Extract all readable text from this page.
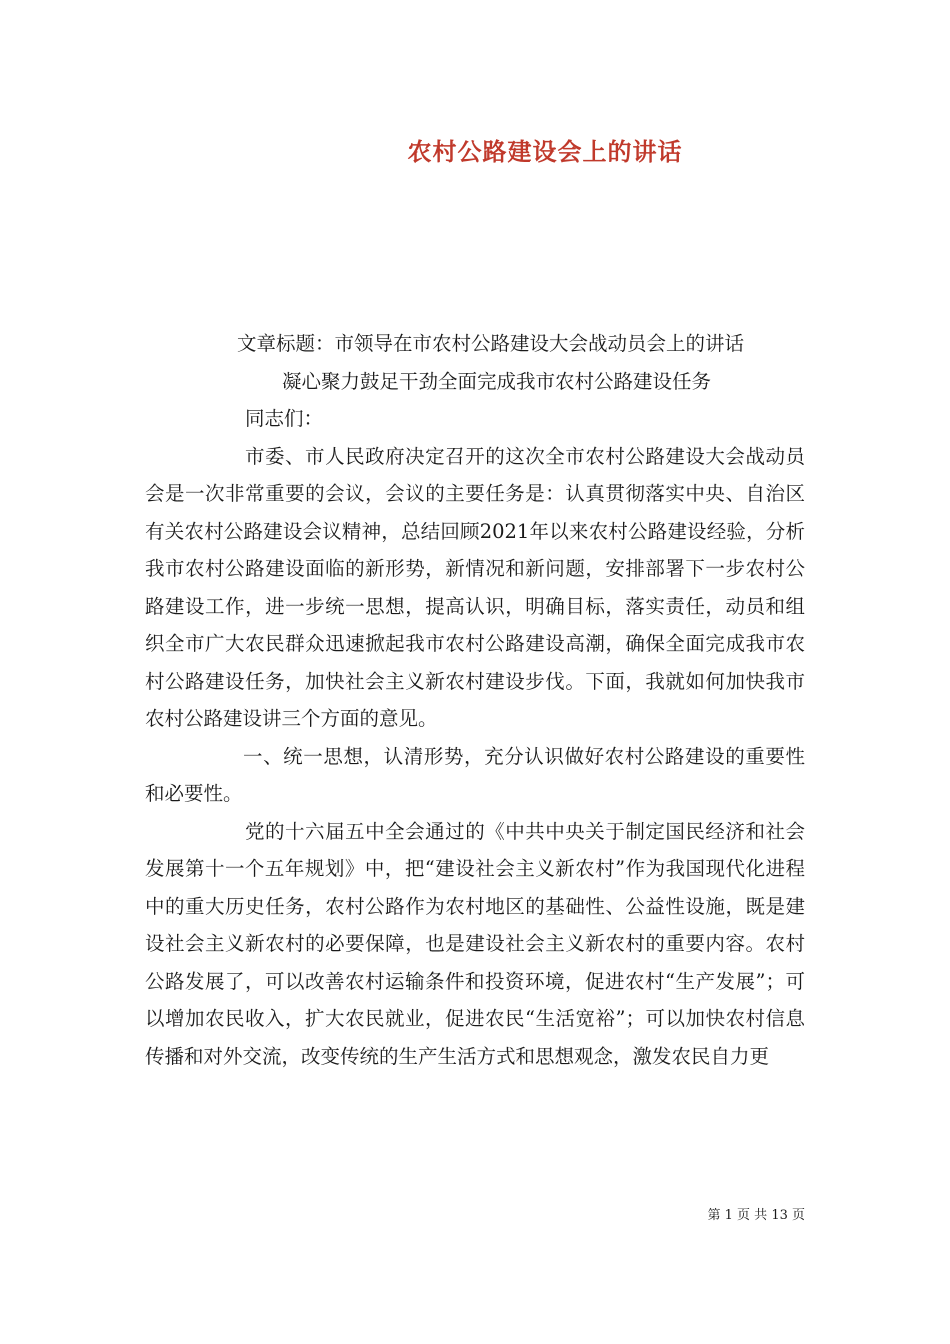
农村公路建设会上的讲话

文章标题：市领导在市农村公路建设大会战动员会上的讲话

凝心聚力鼓足干劲全面完成我市农村公路建设任务

同志们：

市委、市人民政府决定召开的这次全市农村公路建设大会战动员会是一次非常重要的会议，会议的主要任务是：认真贯彻落实中央、自治区有关农村公路建设会议精神，总结回顾2021年以来农村公路建设经验，分析我市农村公路建设面临的新形势，新情况和新问题，安排部署下一步农村公路建设工作，进一步统一思想，提高认识，明确目标，落实责任，动员和组织全市广大农民群众迅速掀起我市农村公路建设高潮，确保全面完成我市农村公路建设任务，加快社会主义新农村建设步伐。下面，我就如何加快我市农村公路建设讲三个方面的意见。

一、统一思想，认清形势，充分认识做好农村公路建设的重要性和必要性。

党的十六届五中全会通过的《中共中央关于制定国民经济和社会发展第十一个五年规划》中，把“建设社会主义新农村”作为我国现代化进程中的重大历史任务，农村公路作为农村地区的基础性、公益性设施，既是建设社会主义新农村的必要保障，也是建设社会主义新农村的重要内容。农村公路发展了，可以改善农村运输条件和投资环境，促进农村“生产发展”；可以增加农民收入，扩大农民就业，促进农民“生活宽裕”；可以加快农村信息传播和对外交流，改变传统的生产生活方式和思想观念，激发农民自力更

第 1 页 共 13 页
